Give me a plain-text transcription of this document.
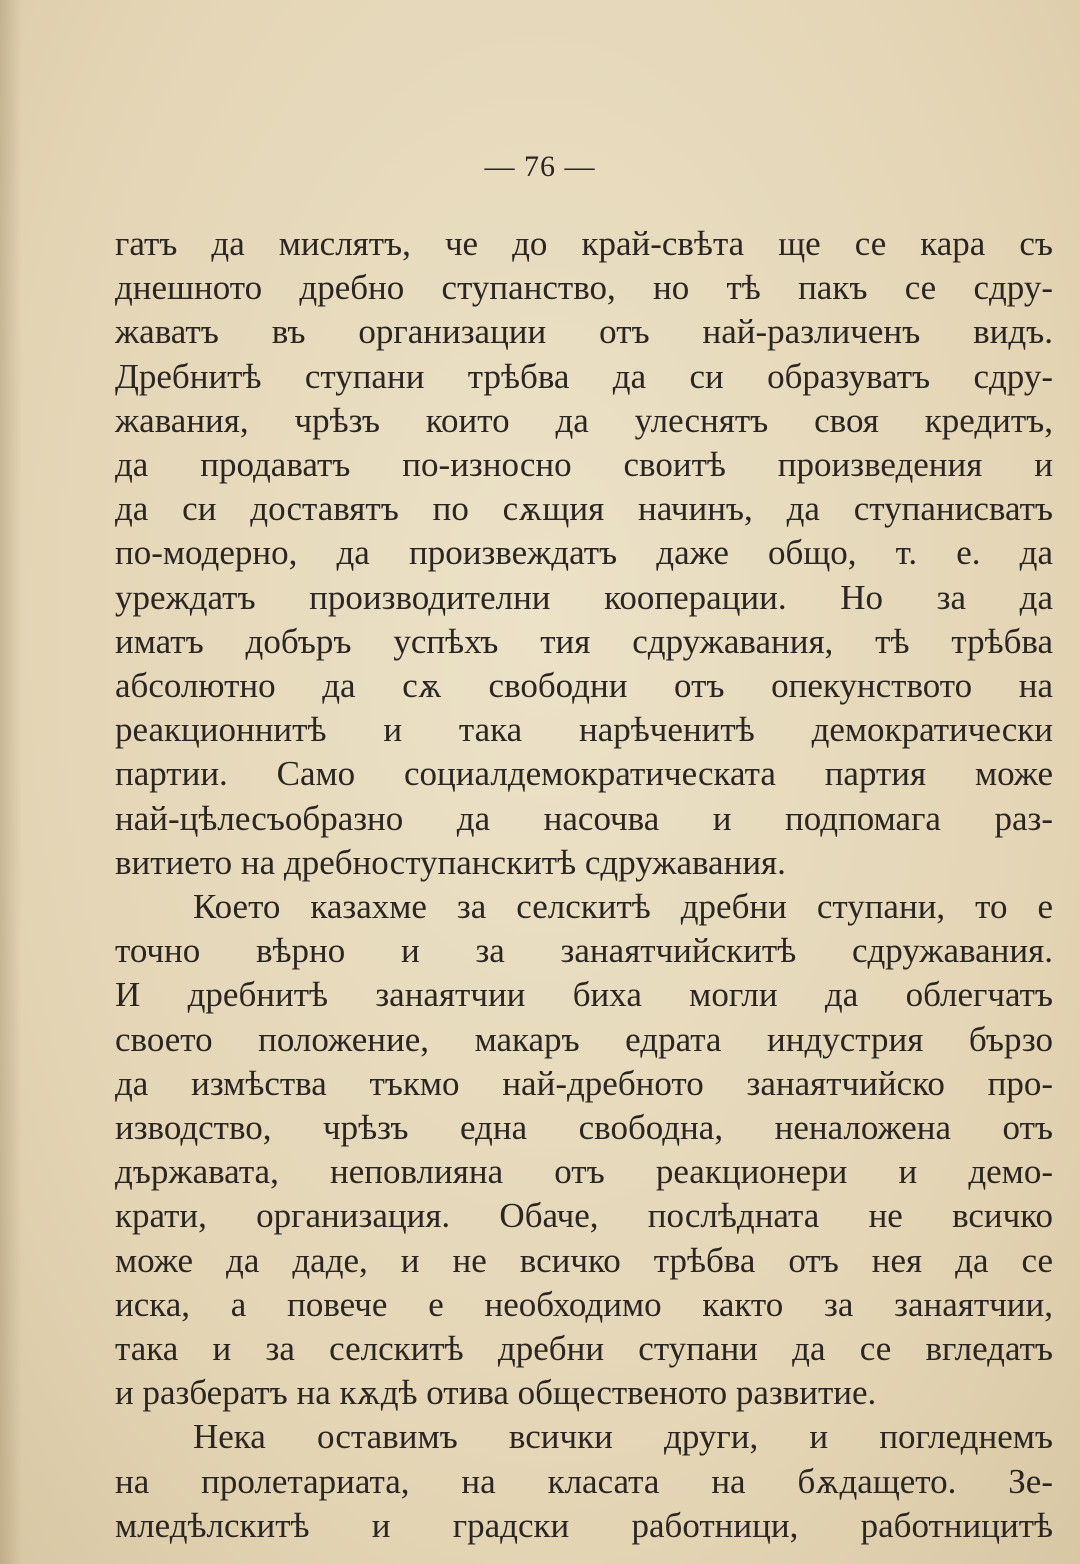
— 76 —
гатъ да мислятъ, че до край-свѣта ще се кара съ
днешното дребно ступанство, но тѣ пакъ се сдру-
жаватъ въ организации отъ най-различенъ видъ.
Дребнитѣ ступани трѣбва да си образуватъ сдру-
жавания, чрѣзъ които да улеснятъ своя кредитъ,
да продаватъ по-износно своитѣ произведения и
да си доставятъ по сѫщия начинъ, да ступанисватъ
по-модерно, да произвеждатъ даже общо, т. е. да
уреждатъ производителни кооперации. Но за да
иматъ добъръ успѣхъ тия сдружавания, тѣ трѣбва
абсолютно да сѫ свободни отъ опекунството на
реакционнитѣ и така нарѣченитѣ демократически
партии. Само социалдемократическата партия може
най-цѣлесъобразно да насочва и подпомага раз-
витието на дребноступанскитѣ сдружавания.
Което казахме за селскитѣ дребни ступани, то е
точно вѣрно и за занаятчийскитѣ сдружавания.
И дребнитѣ занаятчии биха могли да облегчатъ
своето положение, макаръ едрата индустрия бързо
да измѣства тъкмо най-дребното занаятчийско про-
изводство, чрѣзъ една свободна, неналожена отъ
държавата, неповлияна отъ реакционери и демо-
крати, организация. Обаче, послѣдната не всичко
може да даде, и не всичко трѣбва отъ нея да се
иска, а повече е необходимо както за занаятчии,
така и за селскитѣ дребни ступани да се вгледатъ
и разбератъ на кѫдѣ отива общественото развитие.
Нека оставимъ всички други, и погледнемъ
на пролетариата, на класата на бѫдащето. Зе-
мледѣлскитѣ и градски работници, работницитѣ
